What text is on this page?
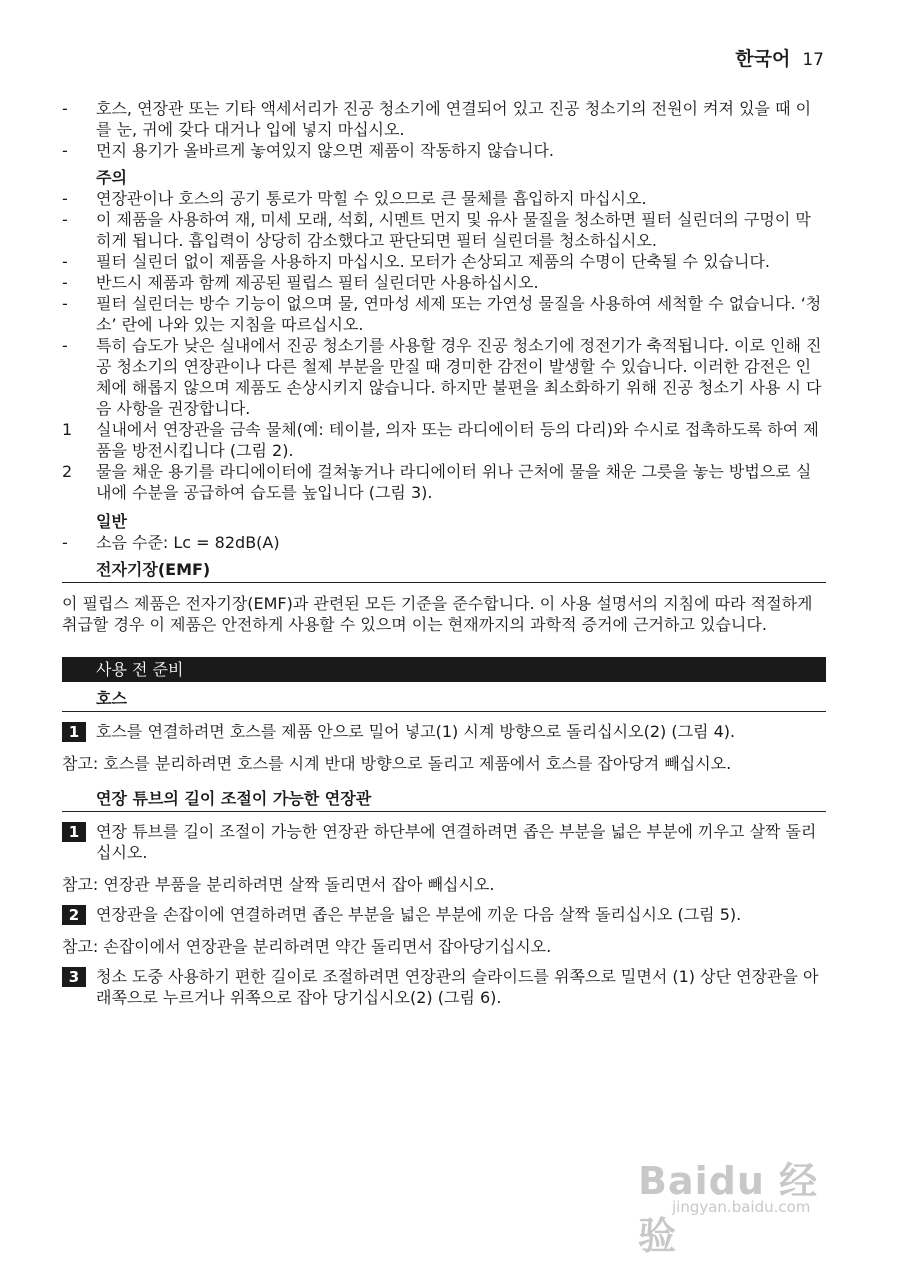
한국어 17
-	호스, 연장관 또는 기타 액세서리가 진공 청소기에 연결되어 있고 진공 청소기의 전원이 켜져 있을 때 이를 눈, 귀에 갖다 대거나 입에 넣지 마십시오.
-	먼지 용기가 올바르게 놓여있지 않으면 제품이 작동하지 않습니다.
주의
-	연장관이나 호스의 공기 통로가 막힐 수 있으므로 큰 물체를 흡입하지 마십시오.
-	이 제품을 사용하여 재, 미세 모래, 석회, 시멘트 먼지 및 유사 물질을 청소하면 필터 실린더의 구멍이 막히게 됩니다. 흡입력이 상당히 감소했다고 판단되면 필터 실린더를 청소하십시오.
-	필터 실린더 없이 제품을 사용하지 마십시오. 모터가 손상되고 제품의 수명이 단축될 수 있습니다.
-	반드시 제품과 함께 제공된 필립스 필터 실린더만 사용하십시오.
-	필터 실린더는 방수 기능이 없으며 물, 연마성 세제 또는 가연성 물질을 사용하여 세척할 수 없습니다. ‘청소’ 란에 나와 있는 지침을 따르십시오.
-	특히 습도가 낮은 실내에서 진공 청소기를 사용할 경우 진공 청소기에 정전기가 축적됩니다. 이로 인해 진공 청소기의 연장관이나 다른 철제 부분을 만질 때 경미한 감전이 발생할 수 있습니다. 이러한 감전은 인체에 해롭지 않으며 제품도 손상시키지 않습니다. 하지만 불편을 최소화하기 위해 진공 청소기 사용 시 다음 사항을 권장합니다.
1	실내에서 연장관을 금속 물체(예: 테이블, 의자 또는 라디에이터 등의 다리)와 수시로 접촉하도록 하여 제품을 방전시킵니다 (그림 2).
2	물을 채운 용기를 라디에이터에 걸쳐놓거나 라디에이터 위나 근처에 물을 채운 그릇을 놓는 방법으로 실내에 수분을 공급하여 습도를 높입니다 (그림 3).
일반
-	소음 수준: Lc = 82dB(A)
전자기장(EMF)
이 필립스 제품은 전자기장(EMF)과 관련된 모든 기준을 준수합니다. 이 사용 설명서의 지침에 따라 적절하게 취급할 경우 이 제품은 안전하게 사용할 수 있으며 이는 현재까지의 과학적 증거에 근거하고 있습니다.
사용 전 준비
호스
1	호스를 연결하려면 호스를 제품 안으로 밀어 넣고(1) 시계 방향으로 돌리십시오(2) (그림 4).
참고: 호스를 분리하려면 호스를 시계 반대 방향으로 돌리고 제품에서 호스를 잡아당겨 빼십시오.
연장 튜브의 길이 조절이 가능한 연장관
1	연장 튜브를 길이 조절이 가능한 연장관 하단부에 연결하려면 좁은 부분을 넓은 부분에 끼우고 살짝 돌리십시오.
참고: 연장관 부품을 분리하려면 살짝 돌리면서 잡아 빼십시오.
2	연장관을 손잡이에 연결하려면 좁은 부분을 넓은 부분에 끼운 다음 살짝 돌리십시오 (그림 5).
참고: 손잡이에서 연장관을 분리하려면 약간 돌리면서 잡아당기십시오.
3	청소 도중 사용하기 편한 길이로 조절하려면 연장관의 슬라이드를 위쪽으로 밀면서 (1) 상단 연장관을 아래쪽으로 누르거나 위쪽으로 잡아 당기십시오(2) (그림 6).
Baidu 经验
jingyan.baidu.com
